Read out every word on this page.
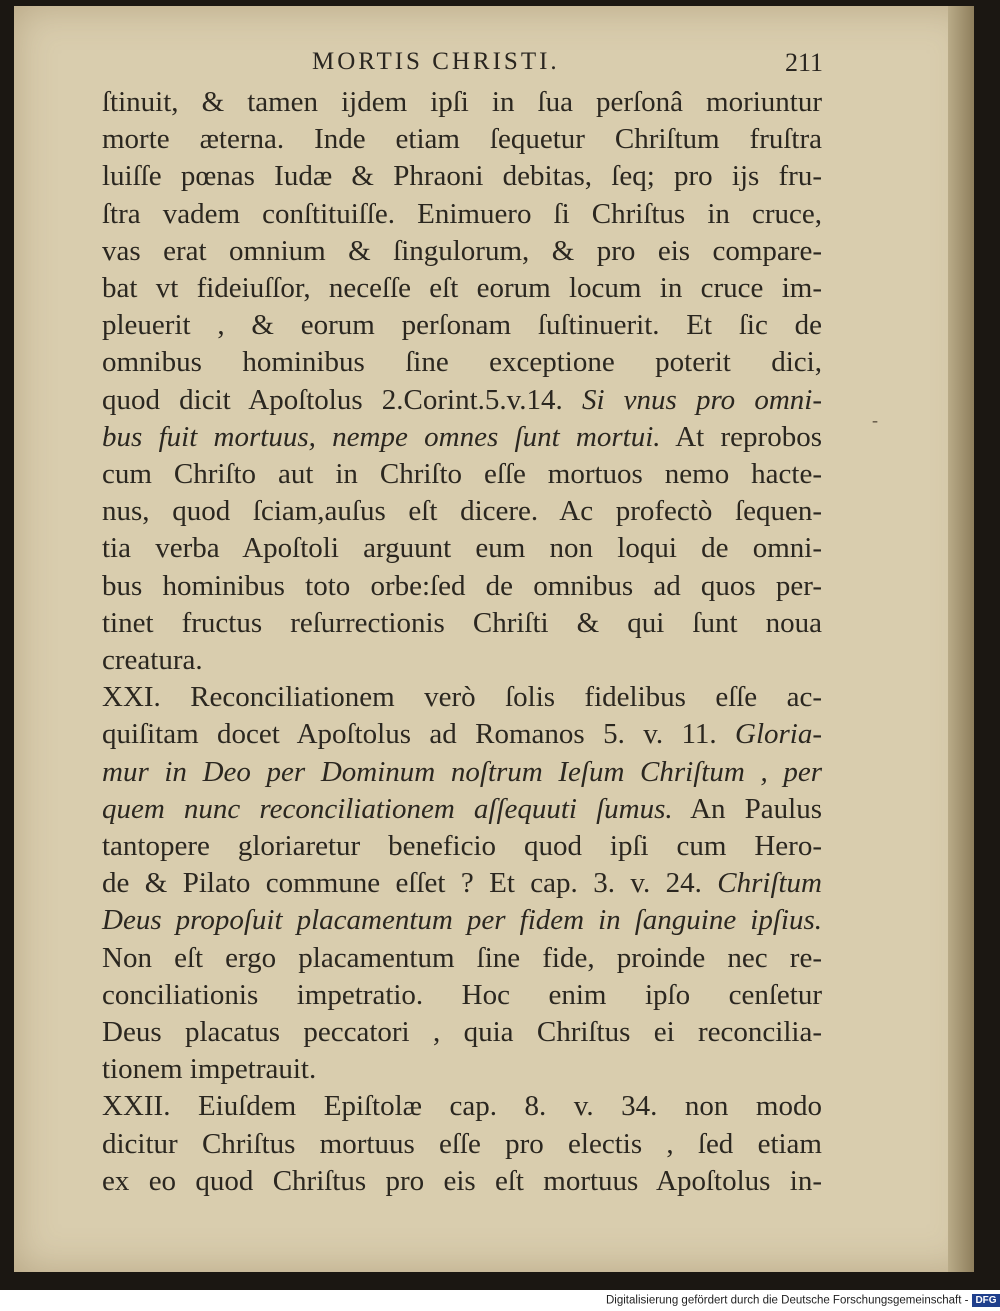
MORTIS CHRISTI.	211
ſtinuit, & tamen ijdem ipſi in ſua perſonâ moriuntur
morte æterna. Inde etiam ſequetur Chriſtum fruſtra
luiſſe pœnas Iudæ & Phraoni debitas, ſeq; pro ijs fru-
ſtra vadem conſtituiſſe. Enimuero ſi Chriſtus in cruce,
vas erat omnium & ſingulorum, & pro eis compare-
bat vt fideiuſſor, neceſſe eſt eorum locum in cruce im-
pleuerit , & eorum perſonam ſuſtinuerit. Et ſic de
omnibus hominibus ſine exceptione poterit dici,
quod dicit Apoſtolus 2.Corint.5.v.14. Si vnus pro omni-
bus fuit mortuus, nempe omnes ſunt mortui. At reprobos
cum Chriſto aut in Chriſto eſſe mortuos nemo hacte-
nus, quod ſciam,auſus eſt dicere. Ac profectò ſequen-
tia verba Apoſtoli arguunt eum non loqui de omni-
bus hominibus toto orbe:ſed de omnibus ad quos per-
tinet fructus reſurrectionis Chriſti & qui ſunt noua
creatura.
XXI. Reconciliationem verò ſolis fidelibus eſſe ac-
quiſitam docet Apoſtolus ad Romanos 5. v. 11. Gloria-
mur in Deo per Dominum noſtrum Ieſum Chriſtum , per
quem nunc reconciliationem aſſequuti ſumus. An Paulus
tantopere gloriaretur beneficio quod ipſi cum Hero-
de & Pilato commune eſſet ? Et cap. 3. v. 24. Chriſtum
Deus propoſuit placamentum per fidem in ſanguine ipſius.
Non eſt ergo placamentum ſine fide, proinde nec re-
conciliationis impetratio. Hoc enim ipſo cenſetur
Deus placatus peccatori , quia Chriſtus ei reconcilia-
tionem impetrauit.
XXII. Eiuſdem Epiſtolæ cap. 8. v. 34. non modo
dicitur Chriſtus mortuus eſſe pro electis , ſed etiam
ex eo quod Chriſtus pro eis eſt mortuus Apoſtolus in-
-
Digitalisierung gefördert durch die Deutsche Forschungsgemeinschaft - DFG
